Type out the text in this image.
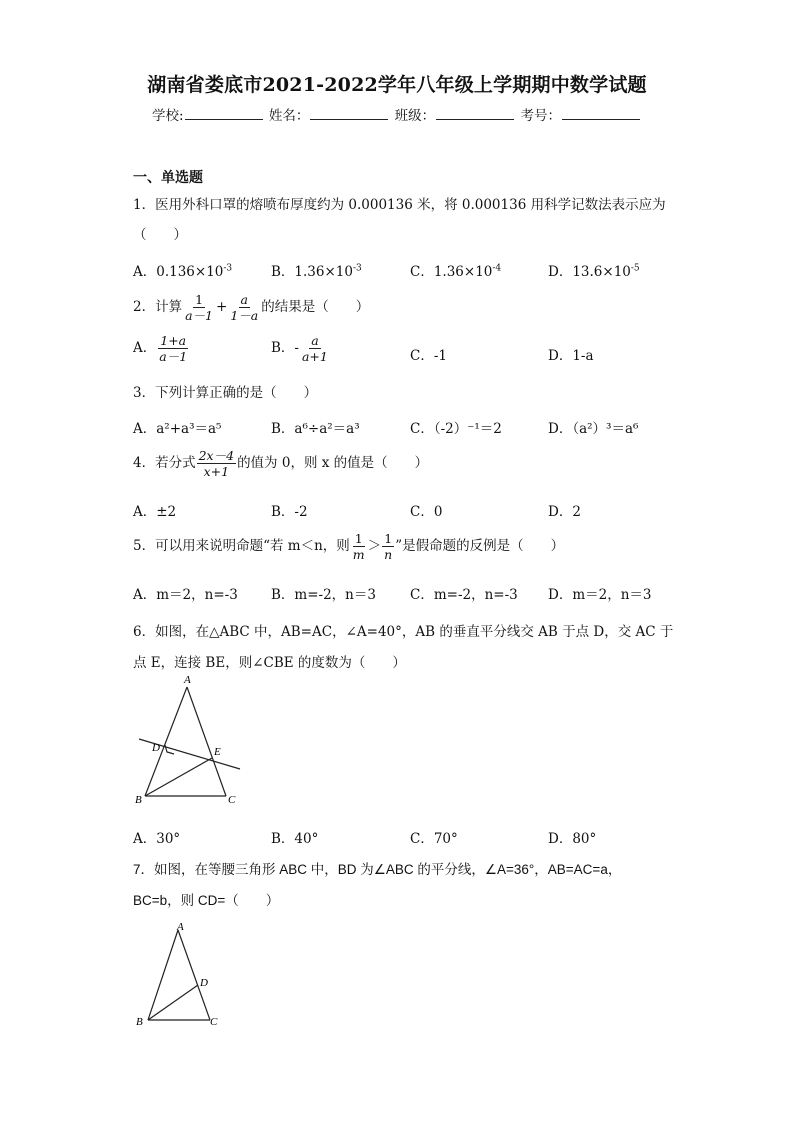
湖南省娄底市2021-2022学年八年级上学期期中数学试题
学校:	姓名：	班级：	考号：
一、单选题
1．医用外科口罩的熔喷布厚度约为 0.000136 米，将 0.000136 用科学记数法表示应为
（　　）
A．$0.136\times 10^{-3}$	B．$1.36\times 10^{-3}$	C．$1.36\times 10^{-4}$	D．$13.6\times 10^{-5}$
2．计算 $\frac{1}{a-1} + \frac{a}{1-a}$ 的结果是（　　）
A． $\frac{1+a}{a-1}$	B．- $\frac{a}{a+1}$	C．-1	D．1-a
3．下列计算正确的是（　　）
A．a²+a³＝a⁵	B．a⁶÷a²＝a³	C．（-2）⁻¹＝2	D．（a²）³＝a⁶
4．若分式 $\frac{2x-4}{x+1}$ 的值为 0，则 x 的值是（　　）
A．±2	B．-2	C．0	D．2
5．可以用来说明命题“若 m＜n，则 $\frac{1}{m} > \frac{1}{n}$ ”是假命题的反例是（　　）
A．m＝2，n=-3 B．m=-2，n＝3	C．m=-2，n=-3 D．m＝2，n＝3
6．如图，在△ABC 中，AB=AC，∠A=40°，AB 的垂直平分线交 AB 于点 D，交 AC 于
点 E，连接 BE，则∠CBE 的度数为（　　）
A
B	C
D	E
A．30°	B．40°	C．70°	D．80°
7．如图，在等腰三角形 ABC 中，BD 为∠ABC 的平分线，∠A=36°，AB=AC=a，
BC=b，则 CD=（　　）
A
B	C
D
